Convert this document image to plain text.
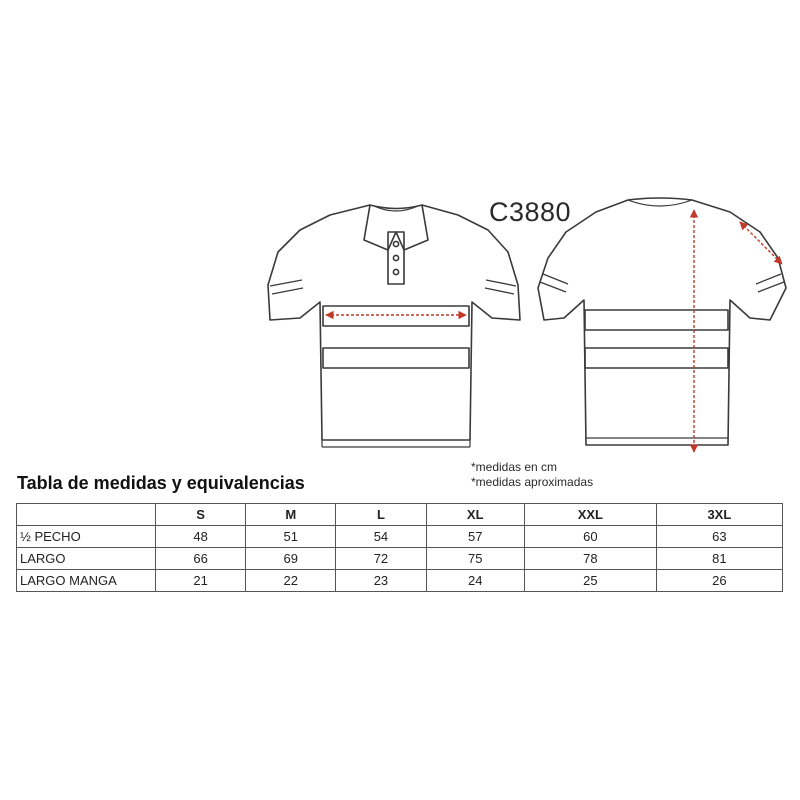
C3880
*medidas en cm
*medidas aproximadas
Tabla de medidas y equivalencias
	S	M	L	XL	XXL	3XL
½ PECHO	48	51	54	57	60	63
LARGO	66	69	72	75	78	81
LARGO MANGA	21	22	23	24	25	26
